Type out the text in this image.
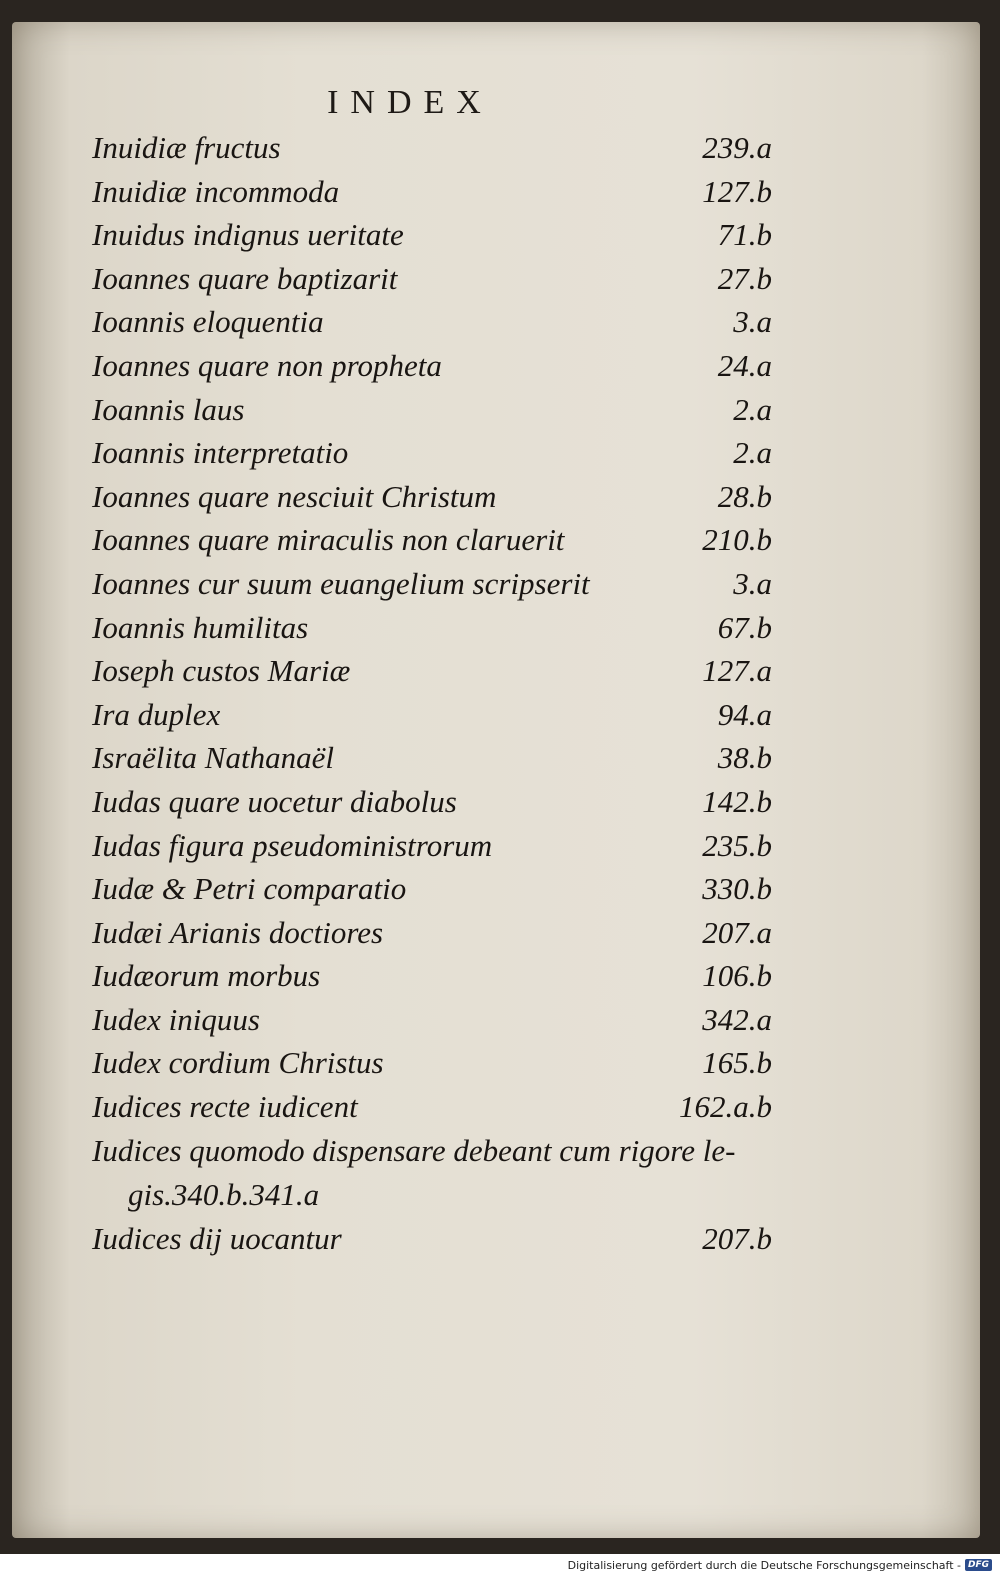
INDEX
Inuidiæ fructus	239.a
Inuidiæ incommoda	127.b
Inuidus indignus ueritate	71.b
Ioannes quare baptizarit	27.b
Ioannis eloquentia	3.a
Ioannes quare non propheta	24.a
Ioannis laus	2.a
Ioannis interpretatio	2.a
Ioannes quare nesciuit Christum	28.b
Ioannes quare miraculis non claruerit	210.b
Ioannes cur suum euangelium scripserit	3.a
Ioannis humilitas	67.b
Ioseph custos Mariæ	127.a
Ira duplex	94.a
Israëlita Nathanaël	38.b
Iudas quare uocetur diabolus	142.b
Iudas figura pseudoministrorum	235.b
Iudæ & Petri comparatio	330.b
Iudæi Arianis doctiores	207.a
Iudæorum morbus	106.b
Iudex iniquus	342.a
Iudex cordium Christus	165.b
Iudices recte iudicent	162.a.b
Iudices quomodo dispensare debeant cum rigore le-
gis.340.b.341.a
Iudices dij uocantur	207.b
Digitalisierung gefördert durch die Deutsche Forschungsgemeinschaft - DFG
